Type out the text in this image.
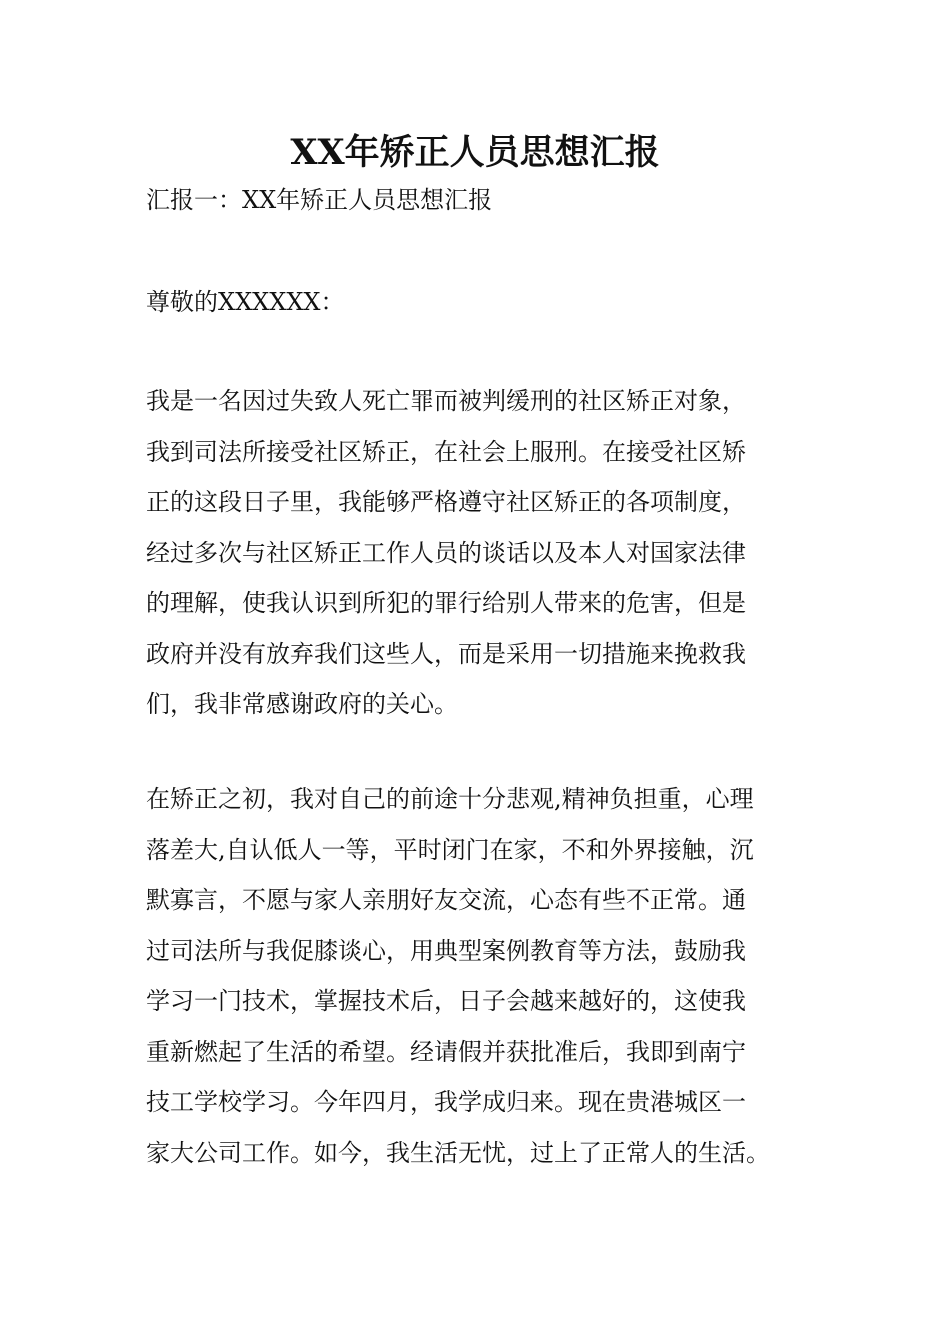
XX年矫正人员思想汇报
汇报一：XX年矫正人员思想汇报
尊敬的XXXXXX：
我是一名因过失致人死亡罪而被判缓刑的社区矫正对象，
我到司法所接受社区矫正，在社会上服刑。在接受社区矫
正的这段日子里，我能够严格遵守社区矫正的各项制度，
经过多次与社区矫正工作人员的谈话以及本人对国家法律
的理解，使我认识到所犯的罪行给别人带来的危害，但是
政府并没有放弃我们这些人，而是采用一切措施来挽救我
们，我非常感谢政府的关心。
在矫正之初，我对自己的前途十分悲观,精神负担重，心理
落差大,自认低人一等，平时闭门在家，不和外界接触，沉
默寡言，不愿与家人亲朋好友交流，心态有些不正常。通
过司法所与我促膝谈心，用典型案例教育等方法，鼓励我
学习一门技术，掌握技术后，日子会越来越好的，这使我
重新燃起了生活的希望。经请假并获批准后，我即到南宁
技工学校学习。今年四月，我学成归来。现在贵港城区一
家大公司工作。如今，我生活无忧，过上了正常人的生活。
